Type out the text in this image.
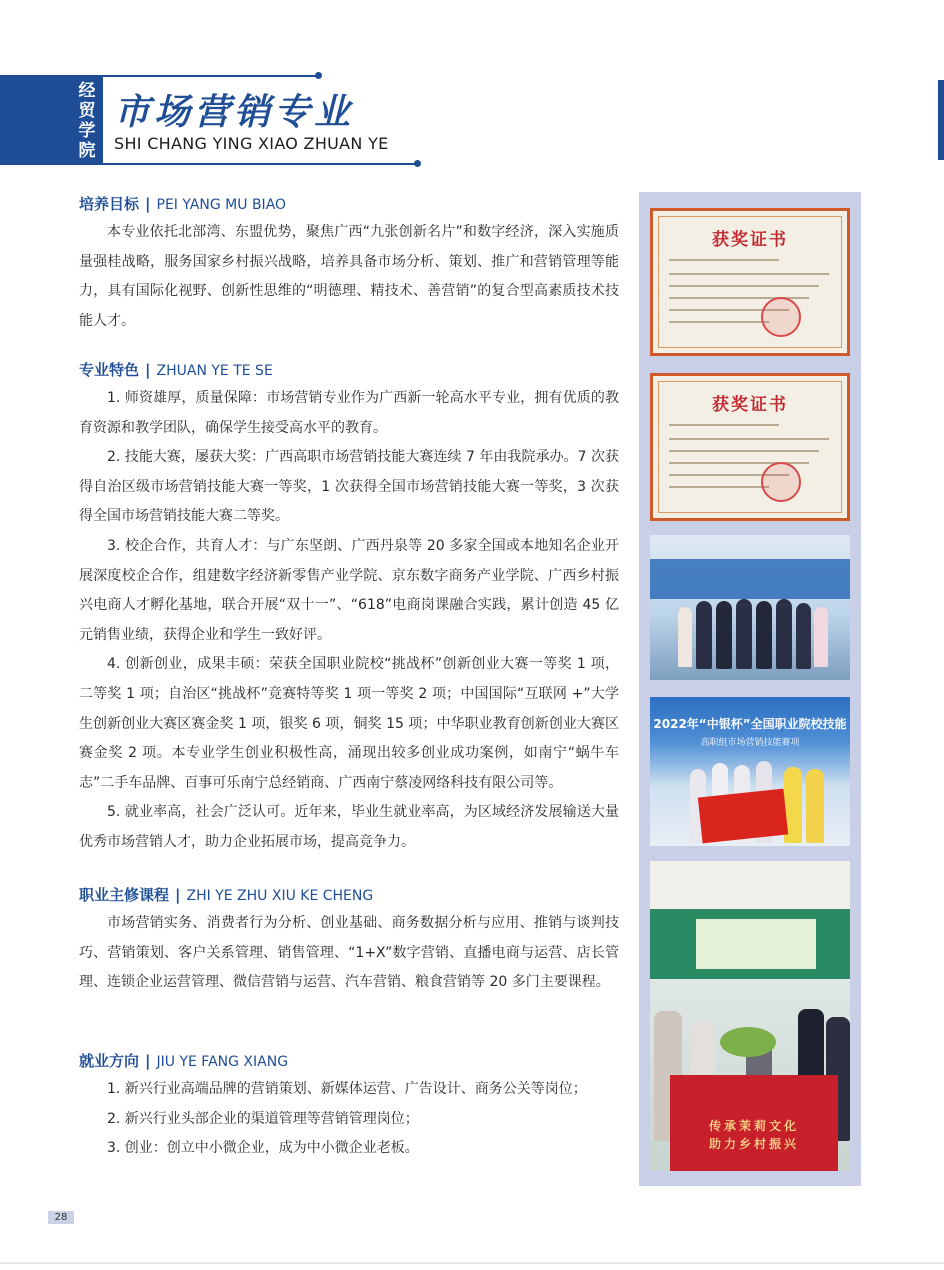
经贸学院
市场营销专业
SHI CHANG YING XIAO ZHUAN YE
培养目标 | PEI YANG MU BIAO

本专业依托北部湾、东盟优势，聚焦广西“九张创新名片”和数字经济，深入实施质量强桂战略，服务国家乡村振兴战略，培养具备市场分析、策划、推广和营销管理等能力，具有国际化视野、创新性思维的“明德理、精技术、善营销”的复合型高素质技术技能人才。

专业特色 | ZHUAN YE TE SE

1. 师资雄厚，质量保障：市场营销专业作为广西新一轮高水平专业，拥有优质的教育资源和教学团队，确保学生接受高水平的教育。

2. 技能大赛，屡获大奖：广西高职市场营销技能大赛连续 7 年由我院承办。7 次获得自治区级市场营销技能大赛一等奖，1 次获得全国市场营销技能大赛一等奖，3 次获得全国市场营销技能大赛二等奖。

3. 校企合作，共育人才：与广东坚朗、广西丹泉等 20 多家全国或本地知名企业开展深度校企合作，组建数字经济新零售产业学院、京东数字商务产业学院、广西乡村振兴电商人才孵化基地，联合开展“双十一”、“618”电商岗课融合实践，累计创造 45 亿元销售业绩，获得企业和学生一致好评。

4. 创新创业，成果丰硕：荣获全国职业院校“挑战杯”创新创业大赛一等奖 1 项，二等奖 1 项；自治区“挑战杯”竞赛特等奖 1 项一等奖 2 项；中国国际“互联网 +”大学生创新创业大赛区赛金奖 1 项，银奖 6 项，铜奖 15 项；中华职业教育创新创业大赛区赛金奖 2 项。本专业学生创业积极性高，涌现出较多创业成功案例，如南宁“蜗牛车志”二手车品牌、百事可乐南宁总经销商、广西南宁蔡凌网络科技有限公司等。

5. 就业率高，社会广泛认可。近年来，毕业生就业率高，为区域经济发展输送大量优秀市场营销人才，助力企业拓展市场，提高竞争力。

职业主修课程 | ZHI YE ZHU XIU KE CHENG

市场营销实务、消费者行为分析、创业基础、商务数据分析与应用、推销与谈判技巧、营销策划、客户关系管理、销售管理、“1+X”数字营销、直播电商与运营、店长管理、连锁企业运营管理、微信营销与运营、汽车营销、粮食营销等 20 多门主要课程。

就业方向 | JIU YE FANG XIANG

1. 新兴行业高端品牌的营销策划、新媒体运营、广告设计、商务公关等岗位；

2. 新兴行业头部企业的渠道管理等营销管理岗位；

3. 创业：创立中小微企业，成为中小微企业老板。

获奖证书
获奖证书
2022年“中银杯”全国职业院校技能
高职组市场营销技能赛项
传承茉莉文化
助力乡村振兴
28
